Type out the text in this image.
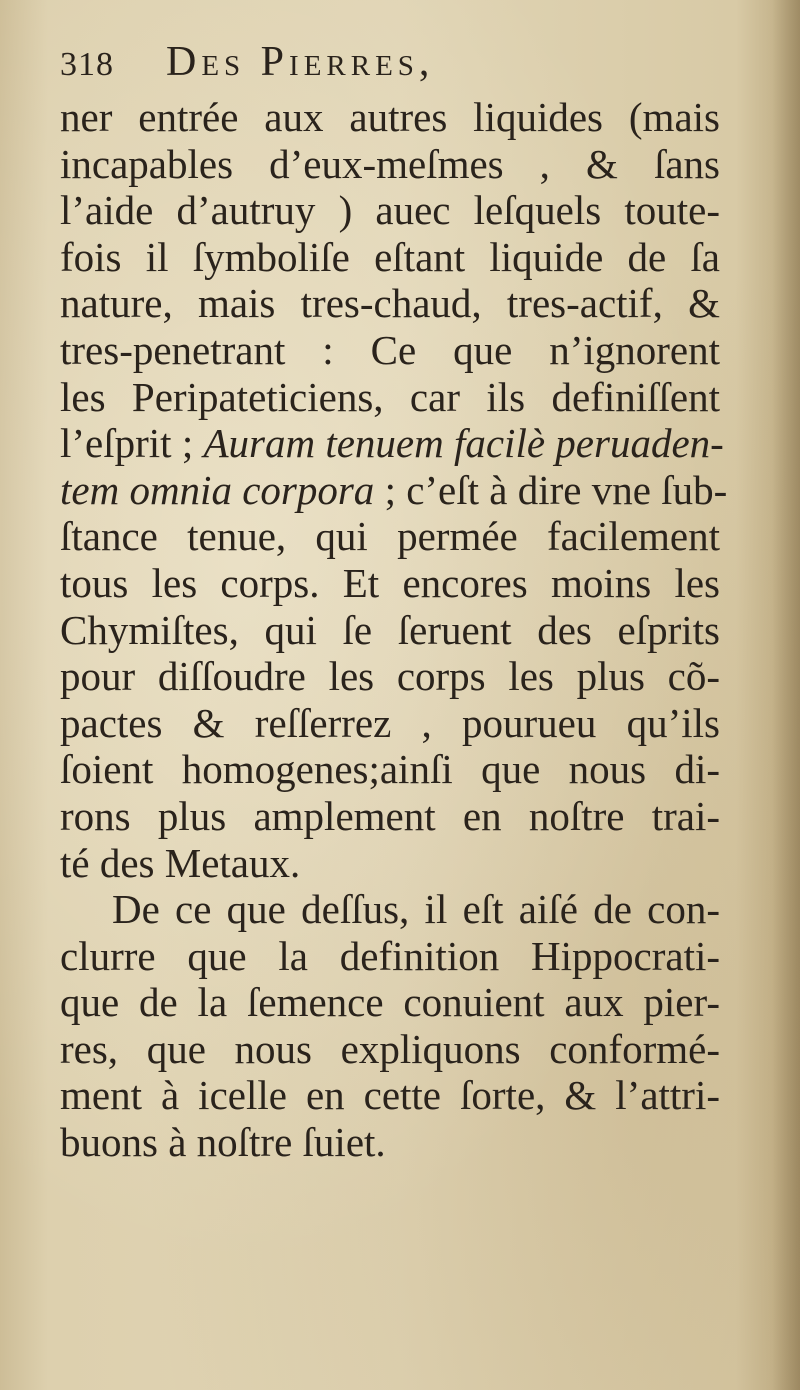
318 Des Pierres,
ner entrée aux autres liquides (mais
incapables d’eux-meſmes , & ſans
l’aide d’autruy ) auec leſquels toute-
fois il ſymboliſe eſtant liquide de ſa
nature, mais tres-chaud, tres-actif, &
tres-penetrant : Ce que n’ignorent
les Peripateticiens, car ils definiſſent
l’eſprit ; Auram tenuem facilè peruaden-
tem omnia corpora ; c’eſt à dire vne ſub-
ſtance tenue, qui permée facilement
tous les corps. Et encores moins les
Chymiſtes, qui ſe ſeruent des eſprits
pour diſſoudre les corps les plus cõ-
pactes & reſſerrez , pourueu qu’ils
ſoient homogenes;ainſi que nous di-
rons plus amplement en noſtre trai-
té des Metaux.
De ce que deſſus, il eſt aiſé de con-
clurre que la definition Hippocrati-
que de la ſemence conuient aux pier-
res, que nous expliquons conformé-
ment à icelle en cette ſorte, & l’attri-
buons à noſtre ſuiet.
